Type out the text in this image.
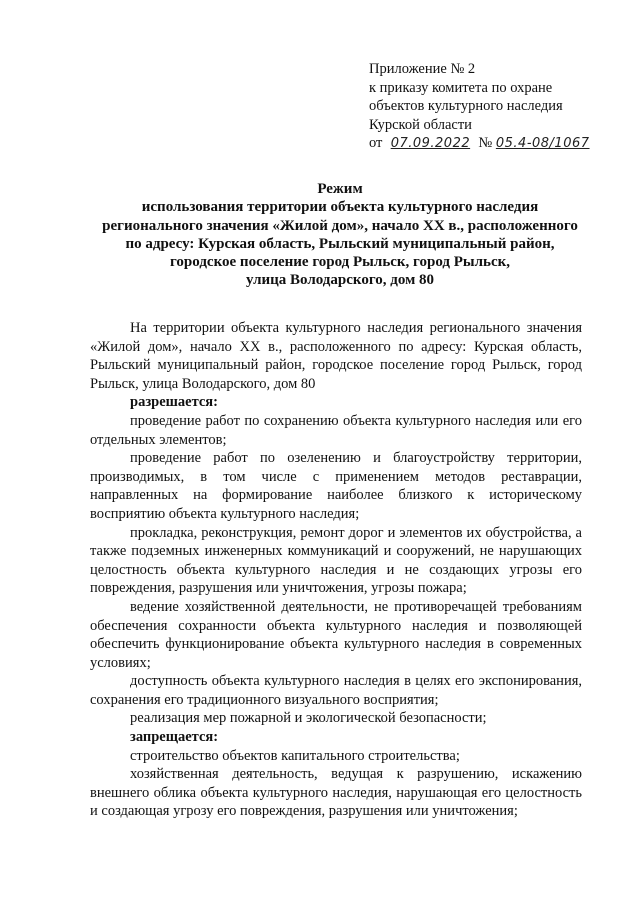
Приложение № 2
к приказу комитета по охране
объектов культурного наследия
Курской области
от 07.09.2022 № 05.4-08/1067
Режим
использования территории объекта культурного наследия
регионального значения «Жилой дом», начало XX в., расположенного
по адресу: Курская область, Рыльский муниципальный район,
городское поселение город Рыльск, город Рыльск,
улица Володарского, дом 80

На территории объекта культурного наследия регионального значения «Жилой дом», начало XX в., расположенного по адресу: Курская область, Рыльский муниципальный район, городское поселение город Рыльск, город Рыльск, улица Володарского, дом 80

разрешается:

проведение работ по сохранению объекта культурного наследия или его отдельных элементов;

проведение работ по озеленению и благоустройству территории, производимых, в том числе с применением методов реставрации, направленных на формирование наиболее близкого к историческому восприятию объекта культурного наследия;

прокладка, реконструкция, ремонт дорог и элементов их обустройства, а также подземных инженерных коммуникаций и сооружений, не нарушающих целостность объекта культурного наследия и не создающих угрозы его повреждения, разрушения или уничтожения, угрозы пожара;

ведение хозяйственной деятельности, не противоречащей требованиям обеспечения сохранности объекта культурного наследия и позволяющей обеспечить функционирование объекта культурного наследия в современных условиях;

доступность объекта культурного наследия в целях его экспонирования, сохранения его традиционного визуального восприятия;

реализация мер пожарной и экологической безопасности;

запрещается:

строительство объектов капитального строительства;

хозяйственная деятельность, ведущая к разрушению, искажению внешнего облика объекта культурного наследия, нарушающая его целостность и создающая угрозу его повреждения, разрушения или уничтожения;
